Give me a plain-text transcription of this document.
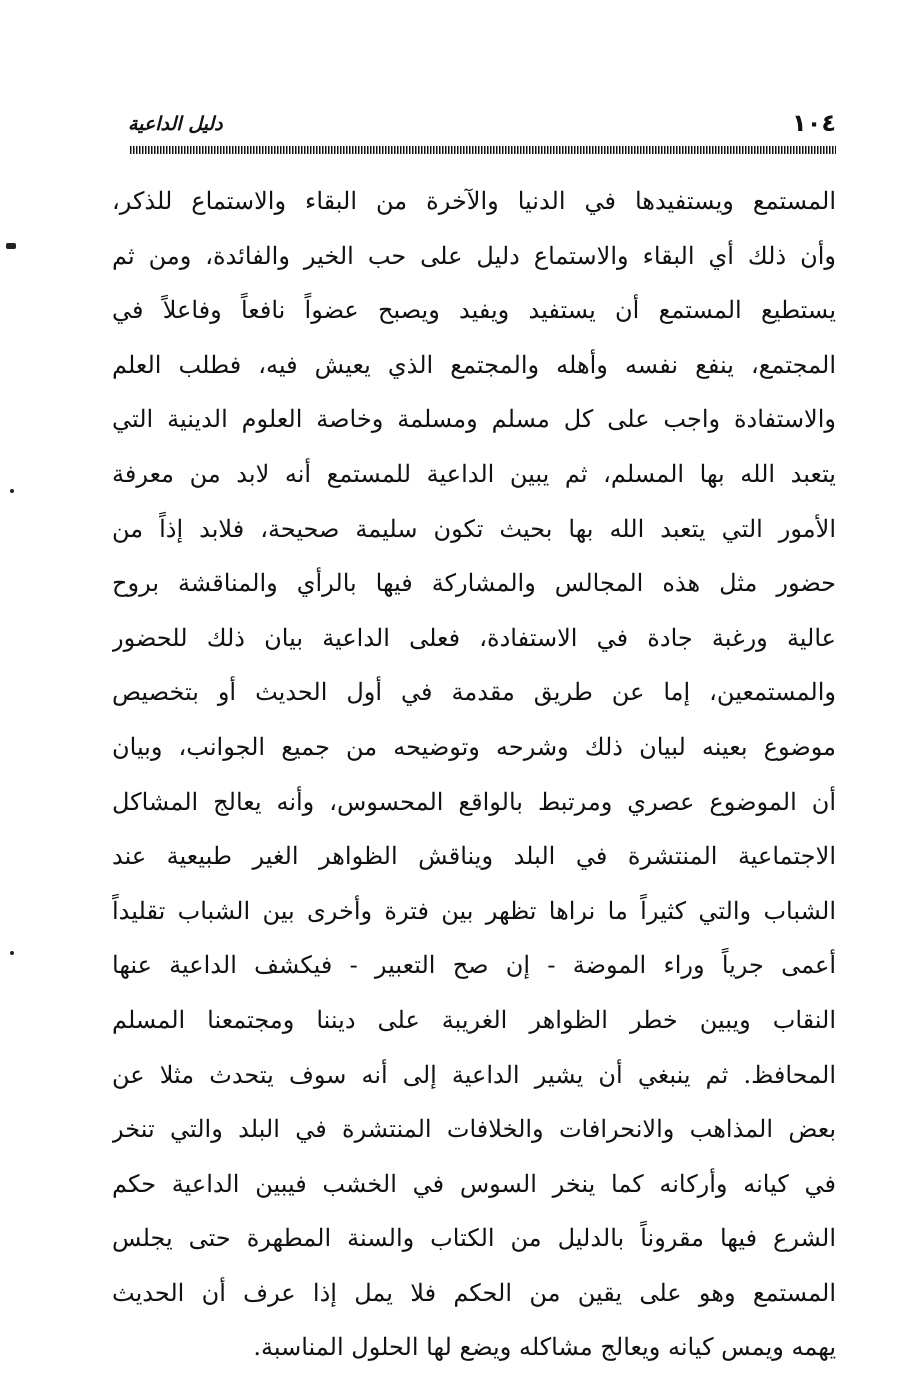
دليل الداعية	١٠٤
المستمع ويستفيدها في الدنيا والآخرة من البقاء والاستماع للذكر،
وأن ذلك أي البقاء والاستماع دليل على حب الخير والفائدة، ومن ثم
يستطيع المستمع أن يستفيد ويفيد ويصبح عضواً نافعاً وفاعلاً في
المجتمع، ينفع نفسه وأهله والمجتمع الذي يعيش فيه، فطلب العلم
والاستفادة واجب على كل مسلم ومسلمة وخاصة العلوم الدينية التي
يتعبد الله بها المسلم، ثم يبين الداعية للمستمع أنه لابد من معرفة
الأمور التي يتعبد الله بها بحيث تكون سليمة صحيحة، فلابد إذاً من
حضور مثل هذه المجالس والمشاركة فيها بالرأي والمناقشة بروح
عالية ورغبة جادة في الاستفادة، فعلى الداعية بيان ذلك للحضور
والمستمعين، إما عن طريق مقدمة في أول الحديث أو بتخصيص
موضوع بعينه لبيان ذلك وشرحه وتوضيحه من جميع الجوانب، وبيان
أن الموضوع عصري ومرتبط بالواقع المحسوس، وأنه يعالج المشاكل
الاجتماعية المنتشرة في البلد ويناقش الظواهر الغير طبيعية عند
الشباب والتي كثيراً ما نراها تظهر بين فترة وأخرى بين الشباب تقليداً
أعمى جرياً وراء الموضة - إن صح التعبير - فيكشف الداعية عنها
النقاب ويبين خطر الظواهر الغريبة على ديننا ومجتمعنا المسلم
المحافظ. ثم ينبغي أن يشير الداعية إلى أنه سوف يتحدث مثلا عن
بعض المذاهب والانحرافات والخلافات المنتشرة في البلد والتي تنخر
في كيانه وأركانه كما ينخر السوس في الخشب فيبين الداعية حكم
الشرع فيها مقروناً بالدليل من الكتاب والسنة المطهرة حتى يجلس
المستمع وهو على يقين من الحكم فلا يمل إذا عرف أن الحديث
يهمه ويمس كيانه ويعالج مشاكله ويضع لها الحلول المناسبة.
